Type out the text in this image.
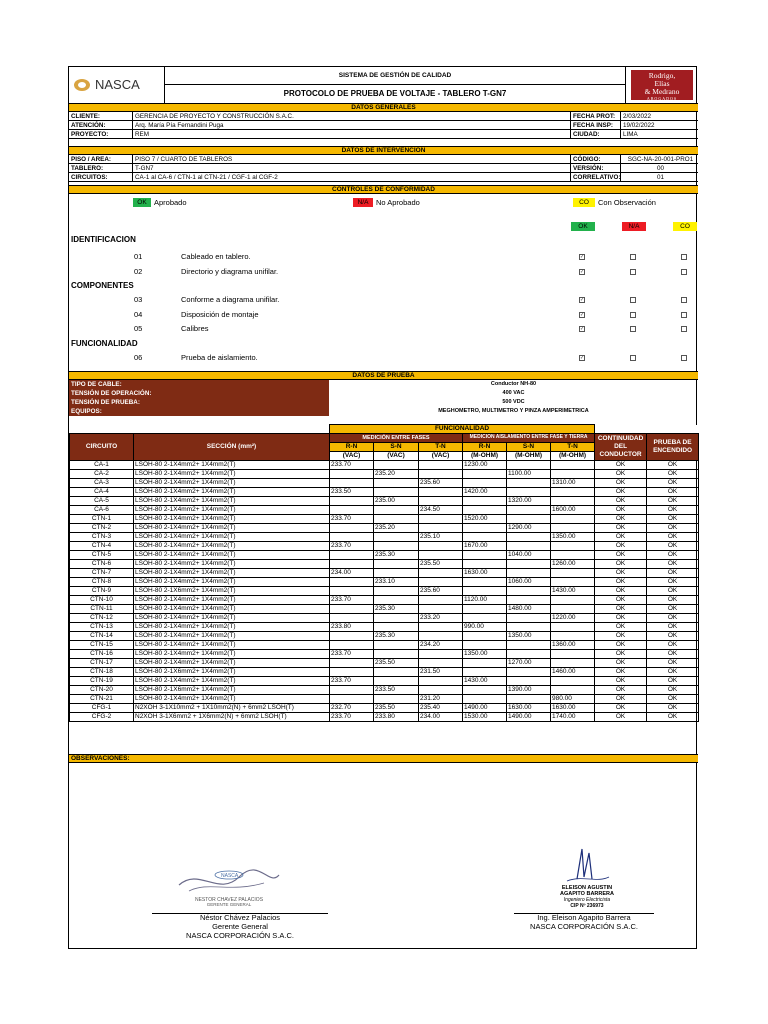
NASCA
SISTEMA DE GESTIÓN DE CALIDAD
PROTOCOLO DE PRUEBA DE VOLTAJE - TABLERO T-GN7
Rodrigo,
Elías
& Medrano
ABOGADOS
DATOS GENERALES
CLIENTE:	GERENCIA DE PROYECTO Y CONSTRUCCIÓN S.A.C.	FECHA PROT:	2/03/2022
ATENCIÓN:	Arq. María Pía Fernandini Puga	FECHA INSP:	19/02/2022
PROYECTO:	REM	CIUDAD:	LIMA
DATOS DE INTERVENCIÓN
PISO / AREA:	PISO 7 / CUARTO DE TABLEROS	CÓDIGO:	SGC-NA-20-001-PRO1
TABLERO:	T-GN7	VERSIÓN:	00
CIRCUITOS:	CA-1 al CA-6 / CTN-1 al CTN-21 / CGF-1 al CGF-2	CORRELATIVO:	01
CONTROLES DE CONFORMIDAD
OK Aprobado	N/A	No Aprobado	CO	Con Observación
OK	N/A	CO
IDENTIFICACION
01	Cableado en tablero.	✓
02	Directorio y diagrama unifilar.	✓
COMPONENTES
03	Conforme a diagrama unifilar.	✓
04	Disposición de montaje	✓
05	Calibres	✓
FUNCIONALIDAD
06	Prueba de aislamiento.	✓
DATOS DE PRUEBA
TIPO DE CABLE:	Conductor NH-80
TENSIÓN DE OPERACIÓN:	400 VAC
TENSIÓN DE PRUEBA:	500 VDC
EQUIPOS:	MEGHOMETRO, MULTIMETRO Y PINZA AMPERIMETRICA
		FUNCIONALIDAD							
CIRCUITO	SECCIÓN (mm²)	MEDICIÓN ENTRE FASES			MEDICIÓN AISLAMIENTO ENTRE FASE Y TIERRA			CONTINUIDAD DEL CONDUCTOR	PRUEBA DE ENCENDIDO
		R-N	S-N	T-N	R-N	S-N	T-N		
		(VAC)	(VAC)	(VAC)	(M-OHM)	(M-OHM)	(M-OHM)		
CA-1	LSOH-80 2-1X4mm2+ 1X4mm2(T)	233.70			1230.00			OK	OK
CA-2	LSOH-80 2-1X4mm2+ 1X4mm2(T)		235.20			1100.00		OK	OK
CA-3	LSOH-80 2-1X4mm2+ 1X4mm2(T)			235.60			1310.00	OK	OK
CA-4	LSOH-80 2-1X4mm2+ 1X4mm2(T)	233.50			1420.00			OK	OK
CA-5	LSOH-80 2-1X4mm2+ 1X4mm2(T)		235.00			1320.00		OK	OK
CA-6	LSOH-80 2-1X4mm2+ 1X4mm2(T)			234.50			1600.00	OK	OK
CTN-1	LSOH-80 2-1X4mm2+ 1X4mm2(T)	233.70			1520.00			OK	OK
CTN-2	LSOH-80 2-1X4mm2+ 1X4mm2(T)		235.20			1290.00		OK	OK
CTN-3	LSOH-80 2-1X4mm2+ 1X4mm2(T)			235.10			1350.00	OK	OK
CTN-4	LSOH-80 2-1X4mm2+ 1X4mm2(T)	233.70			1670.00			OK	OK
CTN-5	LSOH-80 2-1X4mm2+ 1X4mm2(T)		235.30			1040.00		OK	OK
CTN-6	LSOH-80 2-1X4mm2+ 1X4mm2(T)			235.50			1260.00	OK	OK
CTN-7	LSOH-80 2-1X4mm2+ 1X4mm2(T)	234.00			1630.00			OK	OK
CTN-8	LSOH-80 2-1X4mm2+ 1X4mm2(T)		233.10			1060.00		OK	OK
CTN-9	LSOH-80 2-1X6mm2+ 1X4mm2(T)			235.60			1430.00	OK	OK
CTN-10	LSOH-80 2-1X4mm2+ 1X4mm2(T)	233.70			1120.00			OK	OK
CTN-11	LSOH-80 2-1X4mm2+ 1X4mm2(T)		235.30			1480.00		OK	OK
CTN-12	LSOH-80 2-1X4mm2+ 1X4mm2(T)			233.20			1220.00	OK	OK
CTN-13	LSOH-80 2-1X4mm2+ 1X4mm2(T)	233.80			990.00			OK	OK
CTN-14	LSOH-80 2-1X4mm2+ 1X4mm2(T)		235.30			1350.00		OK	OK
CTN-15	LSOH-80 2-1X4mm2+ 1X4mm2(T)			234.20			1360.00	OK	OK
CTN-16	LSOH-80 2-1X4mm2+ 1X4mm2(T)	233.70			1350.00			OK	OK
CTN-17	LSOH-80 2-1X4mm2+ 1X4mm2(T)		235.50			1270.00		OK	OK
CTN-18	LSOH-80 2-1X6mm2+ 1X4mm2(T)			231.50			1460.00	OK	OK
CTN-19	LSOH-80 2-1X4mm2+ 1X4mm2(T)	233.70			1430.00			OK	OK
CTN-20	LSOH-80 2-1X6mm2+ 1X4mm2(T)		233.50			1390.00		OK	OK
CTN-21	LSOH-80 2-1X4mm2+ 1X4mm2(T)			231.20			980.00	OK	OK
CFG-1	N2XOH 3-1X10mm2 + 1X10mm2(N) + 6mm2 LSOH(T)	232.70	235.50	235.40	1490.00	1630.00	1630.00	OK	OK
CFG-2	N2XOH 3-1X6mm2 + 1X6mm2(N) + 6mm2 LSOH(T)	233.70	233.80	234.00	1530.00	1490.00	1740.00	OK	OK
OBSERVACIONES:
NASCA
NESTOR CHAVEZ PALACIOS
GERENTE GENERAL
Néstor Chávez Palacios
Gerente General
NASCA CORPORACIÓN S.A.C.
ELEISON AGUSTIN
AGAPITO BARRERA
Ingeniero Electricista
CIP Nº 236973
Ing. Eleison Agapito Barrera
NASCA CORPORACIÓN S.A.C.
